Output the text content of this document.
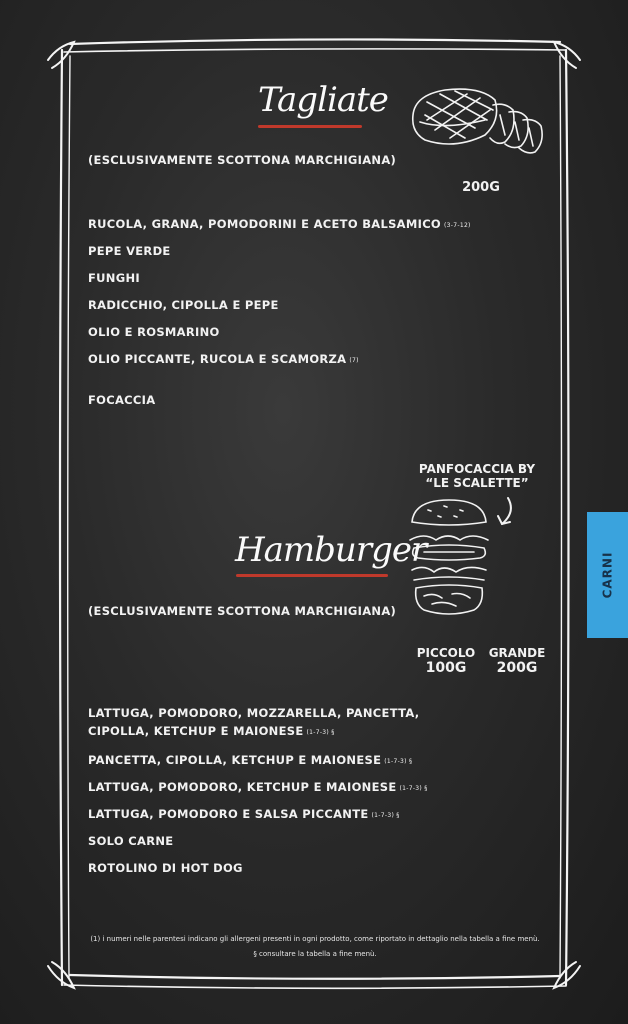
Tagliate
(ESCLUSIVAMENTE SCOTTONA MARCHIGIANA)
200G
RUCOLA, GRANA, POMODORINI E ACETO BALSAMICO (3-7-12)
PEPE VERDE
FUNGHI
RADICCHIO, CIPOLLA E PEPE
OLIO E ROSMARINO
OLIO PICCANTE, RUCOLA E SCAMORZA (7)
FOCACCIA
PANFOCACCIA BY “LE SCALETTE”
Hamburger
(ESCLUSIVAMENTE SCOTTONA MARCHIGIANA)
PICCOLO
100G
GRANDE
200G
LATTUGA, POMODORO, MOZZARELLA, PANCETTA,
CIPOLLA, KETCHUP E MAIONESE (1-7-3) §
PANCETTA, CIPOLLA, KETCHUP E MAIONESE (1-7-3) §
LATTUGA, POMODORO, KETCHUP E MAIONESE (1-7-3) §
LATTUGA, POMODORO E SALSA PICCANTE (1-7-3) §
SOLO CARNE
ROTOLINO DI HOT DOG
(1) i numeri nelle parentesi indicano gli allergeni presenti in ogni prodotto, come riportato in dettaglio nella tabella a fine menù.
§ consultare la tabella a fine menù.
CARNI
